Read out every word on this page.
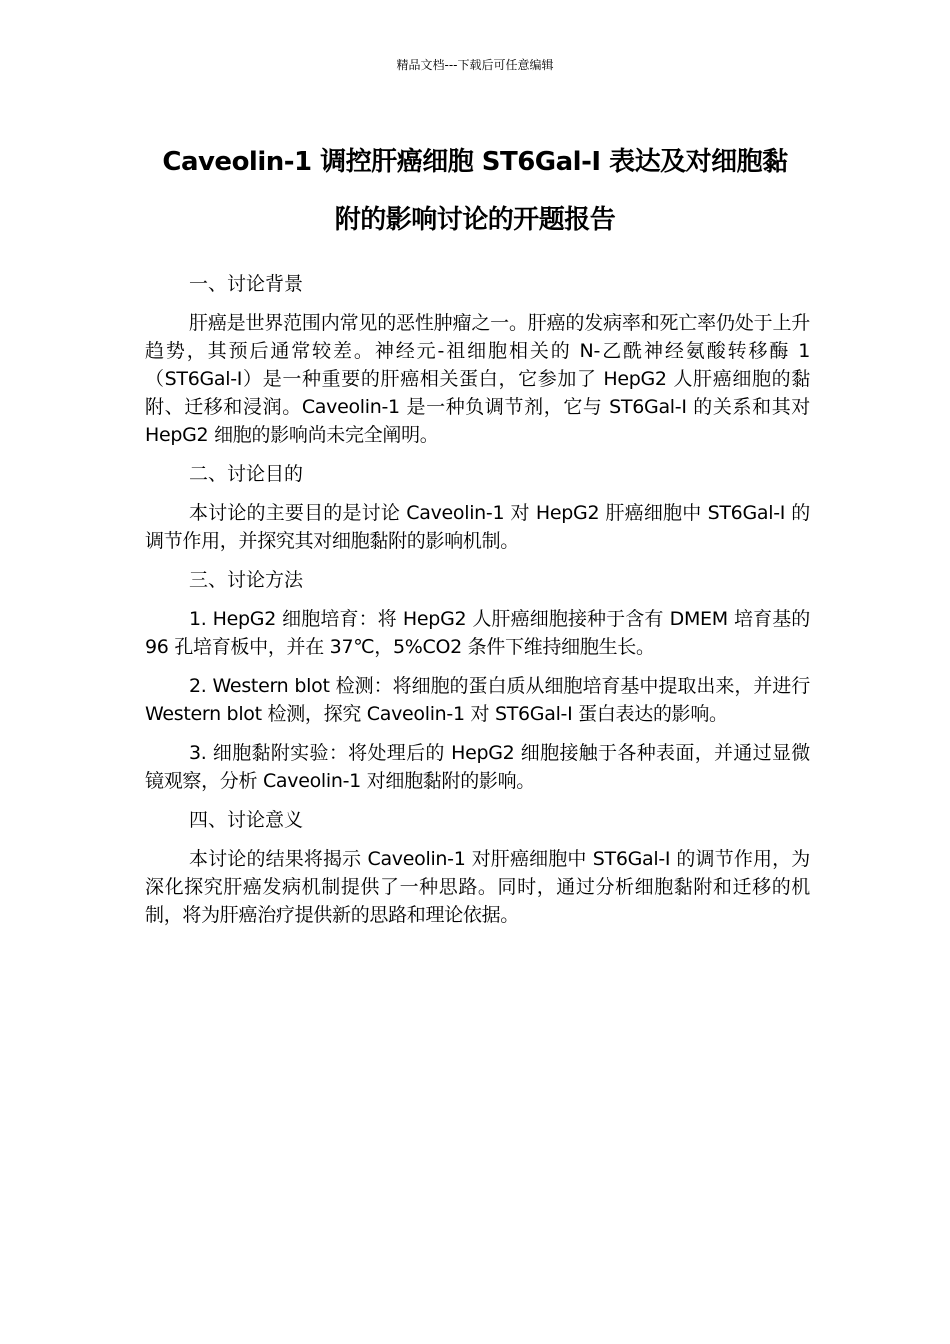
精品文档---下载后可任意编辑
Caveolin-1 调控肝癌细胞 ST6Gal-I 表达及对细胞黏
附的影响讨论的开题报告

一、讨论背景

肝癌是世界范围内常见的恶性肿瘤之一。肝癌的发病率和死亡率仍处于上升趋势，其预后通常较差。神经元-祖细胞相关的 N-乙酰神经氨酸转移酶 1（ST6Gal-I）是一种重要的肝癌相关蛋白，它参加了 HepG2 人肝癌细胞的黏附、迁移和浸润。Caveolin-1 是一种负调节剂，它与 ST6Gal-I 的关系和其对 HepG2 细胞的影响尚未完全阐明。

二、讨论目的

本讨论的主要目的是讨论 Caveolin-1 对 HepG2 肝癌细胞中 ST6Gal-I 的调节作用，并探究其对细胞黏附的影响机制。

三、讨论方法

1. HepG2 细胞培育：将 HepG2 人肝癌细胞接种于含有 DMEM 培育基的 96 孔培育板中，并在 37℃，5%CO2 条件下维持细胞生长。

2. Western blot 检测：将细胞的蛋白质从细胞培育基中提取出来，并进行 Western blot 检测，探究 Caveolin-1 对 ST6Gal-I 蛋白表达的影响。

3. 细胞黏附实验：将处理后的 HepG2 细胞接触于各种表面，并通过显微镜观察，分析 Caveolin-1 对细胞黏附的影响。

四、讨论意义

本讨论的结果将揭示 Caveolin-1 对肝癌细胞中 ST6Gal-I 的调节作用，为深化探究肝癌发病机制提供了一种思路。同时，通过分析细胞黏附和迁移的机制，将为肝癌治疗提供新的思路和理论依据。
